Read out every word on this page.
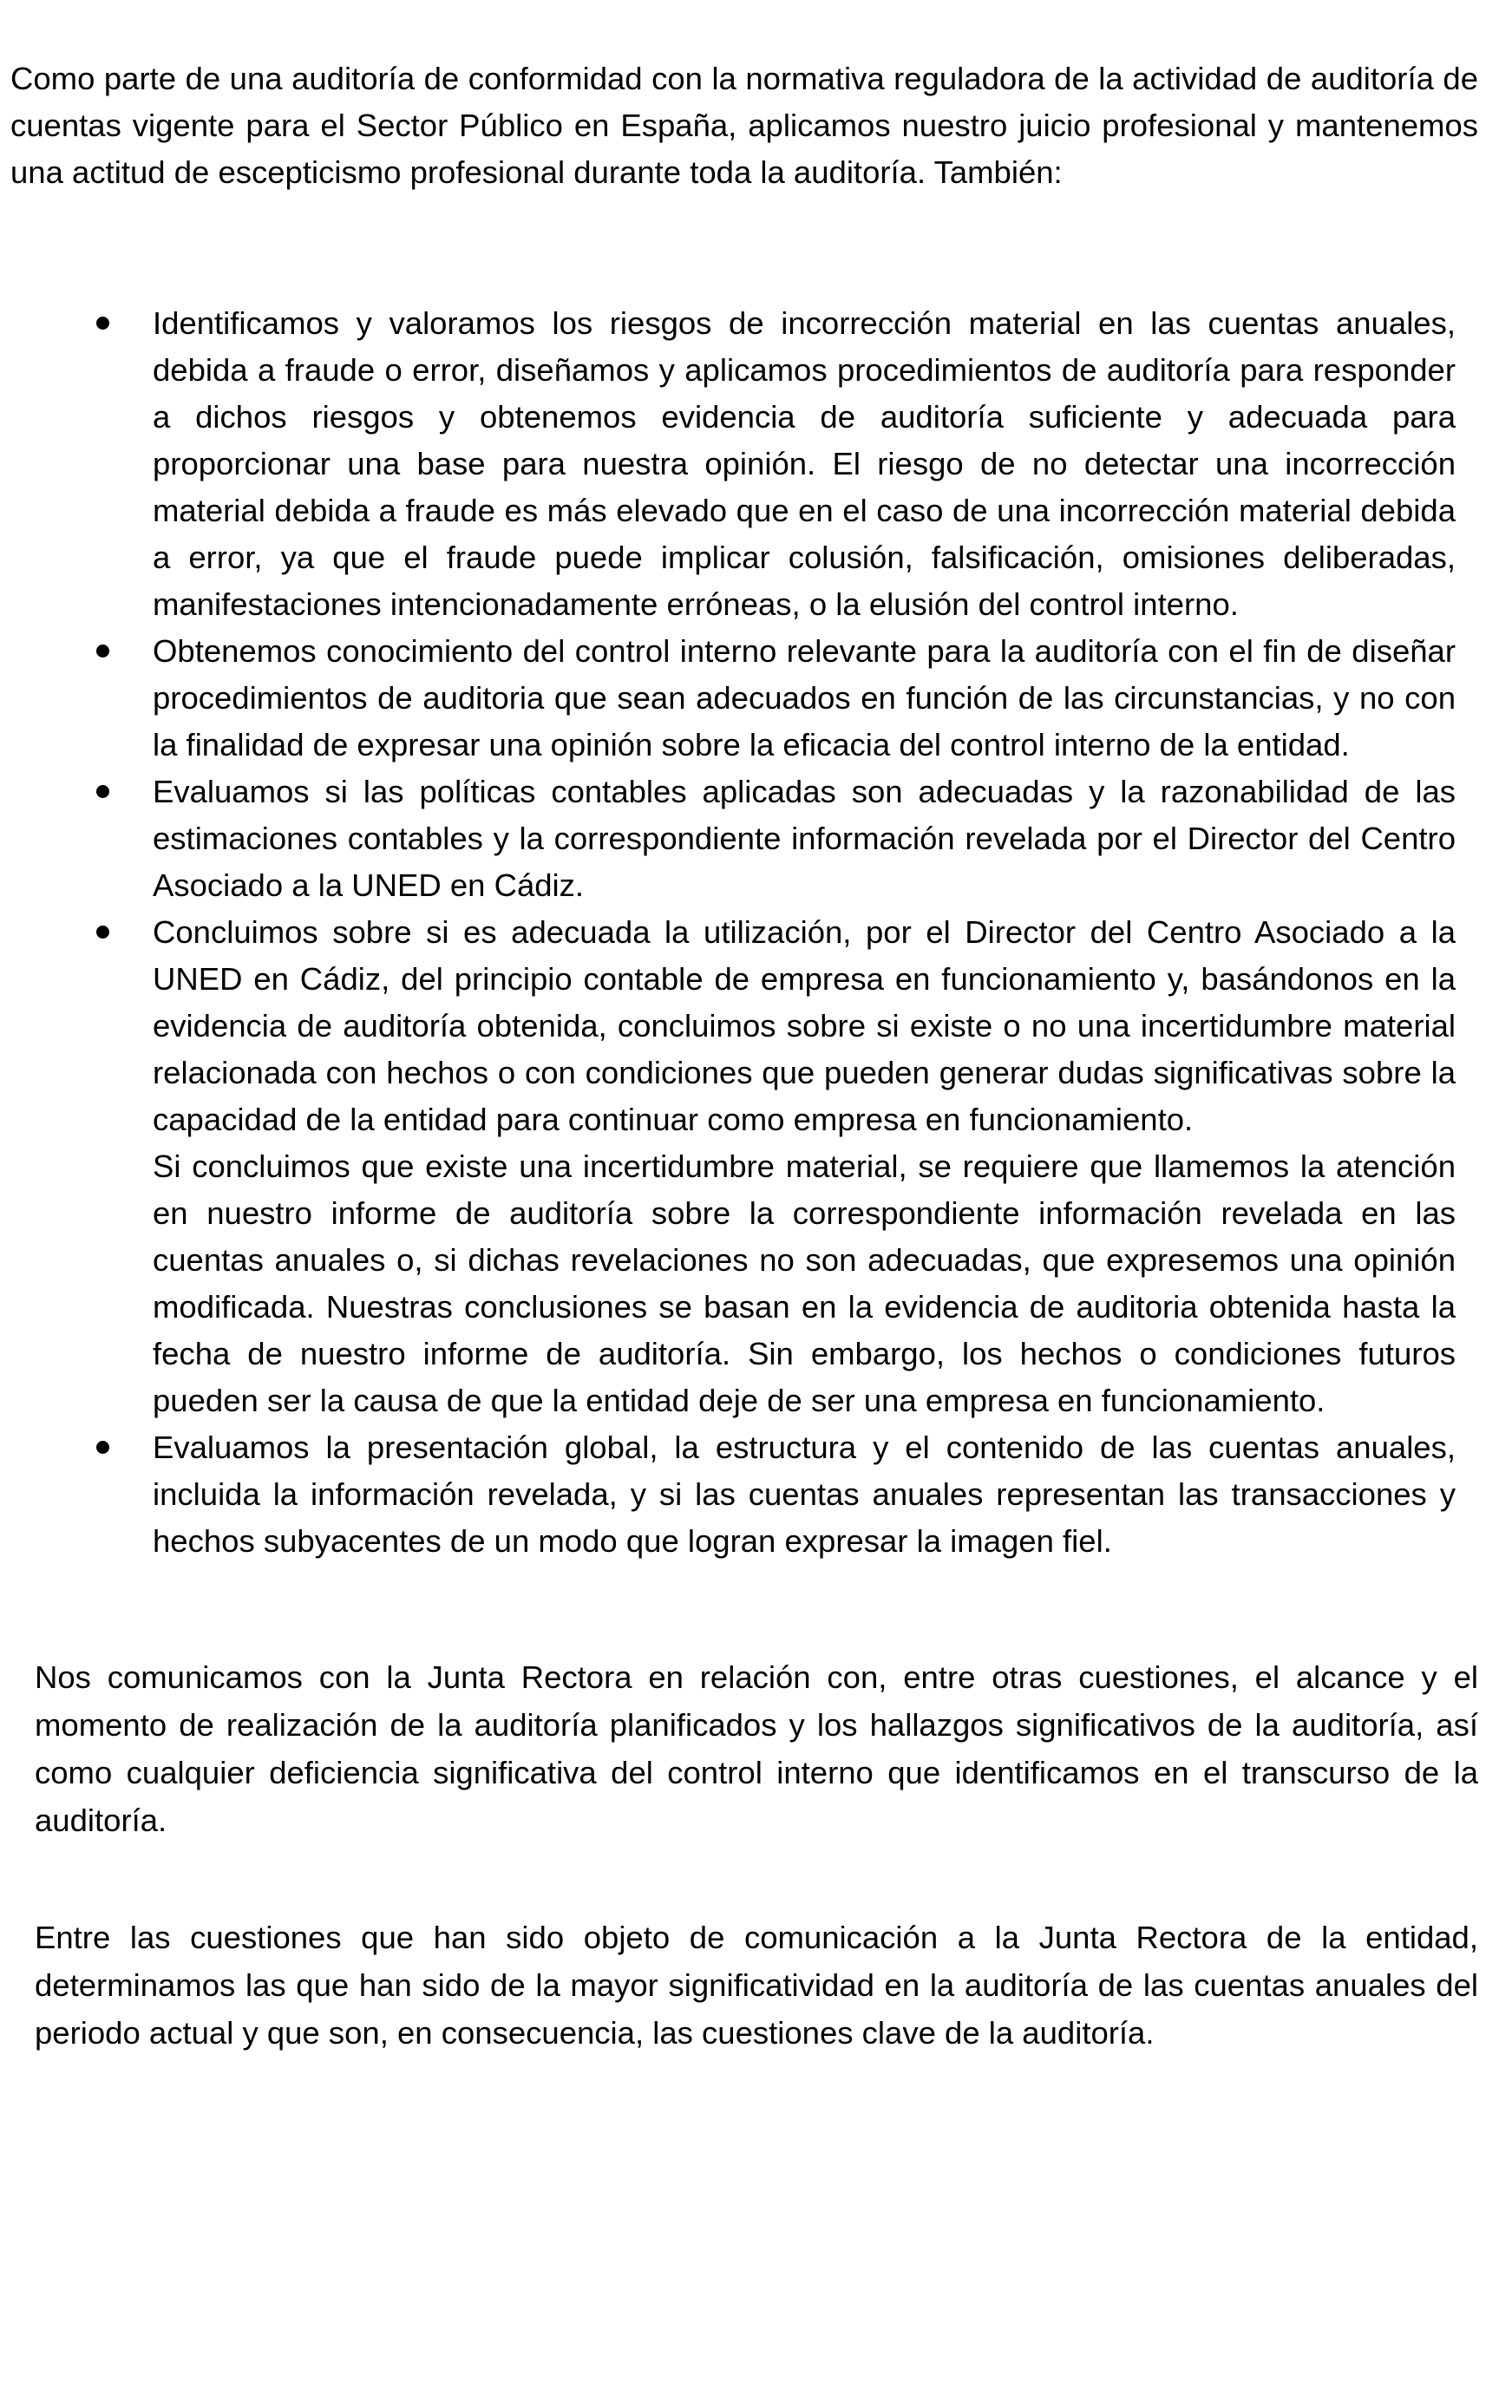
Como parte de una auditoría de conformidad con la normativa reguladora de la actividad de auditoría de cuentas vigente para el Sector Público en España, aplicamos nuestro juicio profesional y mantenemos una actitud de escepticismo profesional durante toda la auditoría. También:

Identificamos y valoramos los riesgos de incorrección material en las cuentas anuales, debida a fraude o error, diseñamos y aplicamos procedimientos de auditoría para responder a dichos riesgos y obtenemos evidencia de auditoría suficiente y adecuada para proporcionar una base para nuestra opinión. El riesgo de no detectar una incorrección material debida a fraude es más elevado que en el caso de una incorrección material debida a error, ya que el fraude puede implicar colusión, falsificación, omisiones deliberadas, manifestaciones intencionadamente erróneas, o la elusión del control interno.

Obtenemos conocimiento del control interno relevante para la auditoría con el fin de diseñar procedimientos de auditoria que sean adecuados en función de las circunstancias, y no con la finalidad de expresar una opinión sobre la eficacia del control interno de la entidad.

Evaluamos si las políticas contables aplicadas son adecuadas y la razonabilidad de las estimaciones contables y la correspondiente información revelada por el Director del Centro Asociado a la UNED en Cádiz.

Concluimos sobre si es adecuada la utilización, por el Director del Centro Asociado a la UNED en Cádiz, del principio contable de empresa en funcionamiento y, basándonos en la evidencia de auditoría obtenida, concluimos sobre si existe o no una incertidumbre material relacionada con hechos o con condiciones que pueden generar dudas significativas sobre la capacidad de la entidad para continuar como empresa en funcionamiento.

Si concluimos que existe una incertidumbre material, se requiere que llamemos la atención en nuestro informe de auditoría sobre la correspondiente información revelada en las cuentas anuales o, si dichas revelaciones no son adecuadas, que expresemos una opinión modificada. Nuestras conclusiones se basan en la evidencia de auditoria obtenida hasta la fecha de nuestro informe de auditoría. Sin embargo, los hechos o condiciones futuros pueden ser la causa de que la entidad deje de ser una empresa en funcionamiento.

Evaluamos la presentación global, la estructura y el contenido de las cuentas anuales, incluida la información revelada, y si las cuentas anuales representan las transacciones y hechos subyacentes de un modo que logran expresar la imagen fiel.

Nos comunicamos con la Junta Rectora en relación con, entre otras cuestiones, el alcance y el momento de realización de la auditoría planificados y los hallazgos significativos de la auditoría, así como cualquier deficiencia significativa del control interno que identificamos en el transcurso de la auditoría.

Entre las cuestiones que han sido objeto de comunicación a la Junta Rectora de la entidad, determinamos las que han sido de la mayor significatividad en la auditoría de las cuentas anuales del periodo actual y que son, en consecuencia, las cuestiones clave de la auditoría.
